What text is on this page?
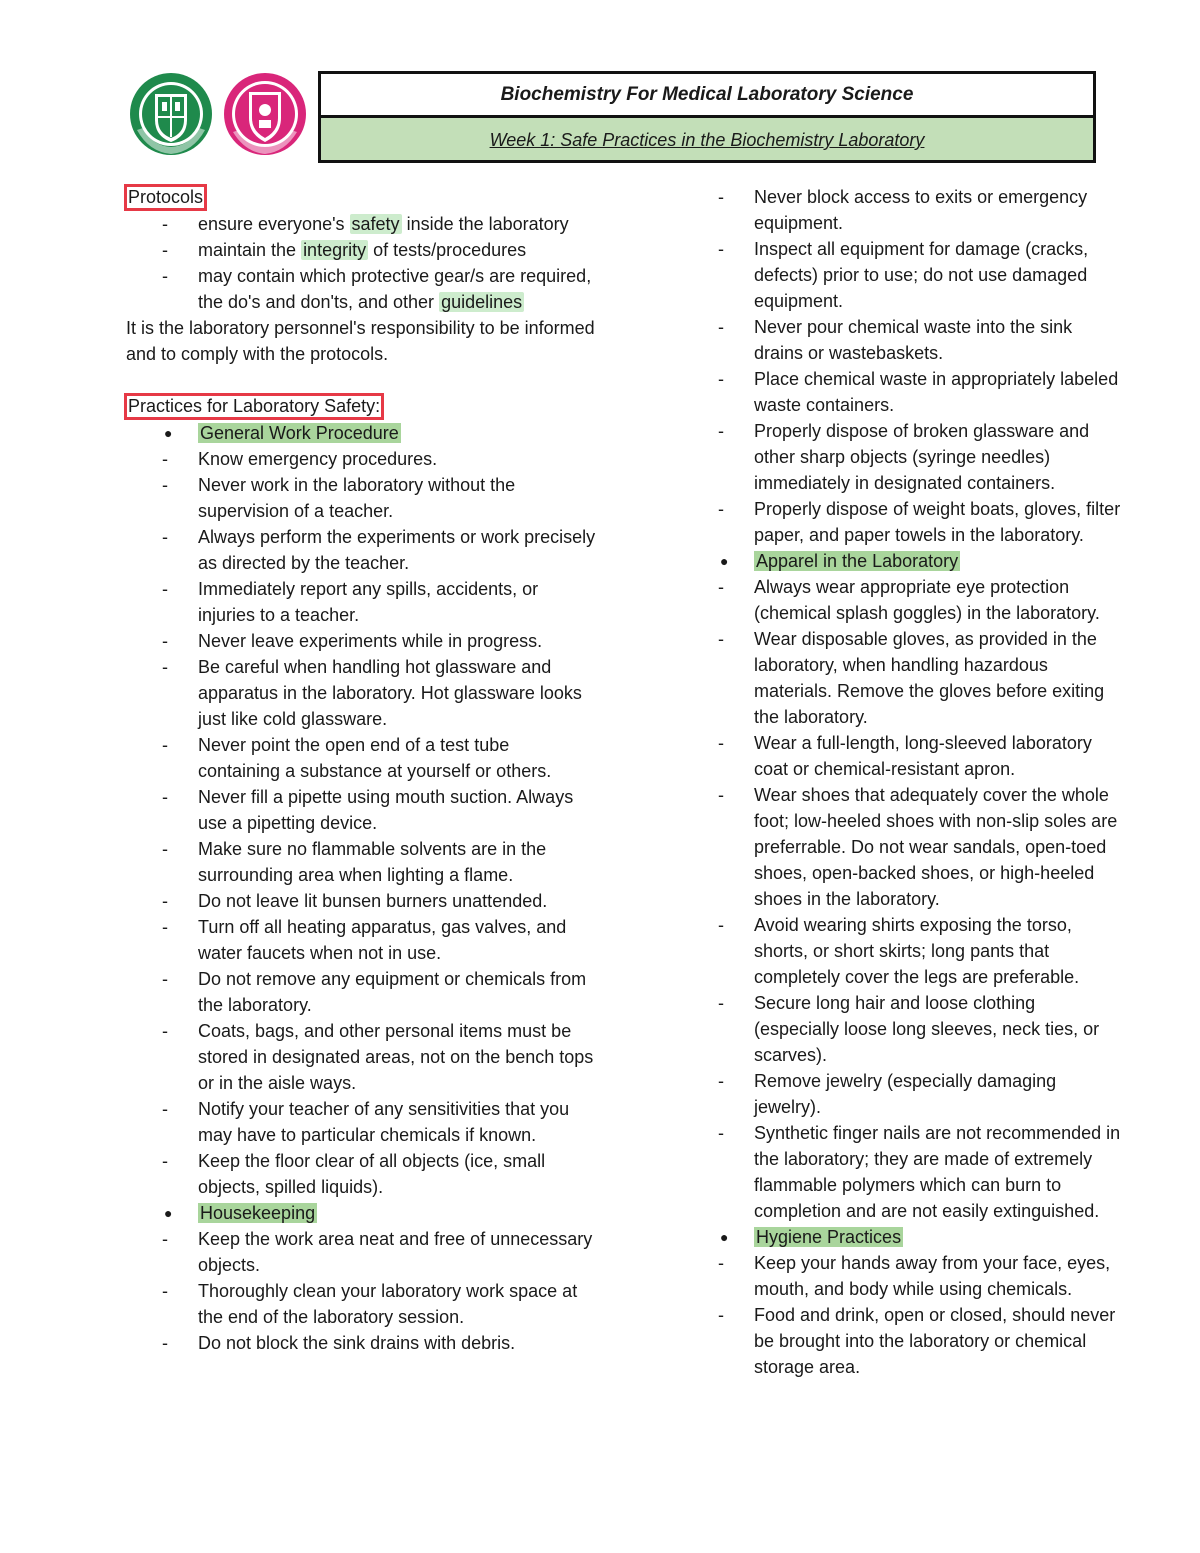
Biochemistry For Medical Laboratory Science
Week 1: Safe Practices in the Biochemistry Laboratory
Protocols
-	ensure everyone's safety inside the laboratory
-	maintain the integrity of tests/procedures
-	may contain which protective gear/s are required, the do's and don'ts, and other guidelines
It is the laboratory personnel's responsibility to be informed and to comply with the protocols.
Practices for Laboratory Safety:
●	General Work Procedure
-	Know emergency procedures.
-	Never work in the laboratory without the supervision of a teacher.
-	Always perform the experiments or work precisely as directed by the teacher.
-	Immediately report any spills, accidents, or injuries to a teacher.
-	Never leave experiments while in progress.
-	Be careful when handling hot glassware and apparatus in the laboratory. Hot glassware looks just like cold glassware.
-	Never point the open end of a test tube containing a substance at yourself or others.
-	Never fill a pipette using mouth suction. Always use a pipetting device.
-	Make sure no flammable solvents are in the surrounding area when lighting a flame.
-	Do not leave lit bunsen burners unattended.
-	Turn off all heating apparatus, gas valves, and water faucets when not in use.
-	Do not remove any equipment or chemicals from the laboratory.
-	Coats, bags, and other personal items must be stored in designated areas, not on the bench tops or in the aisle ways.
-	Notify your teacher of any sensitivities that you may have to particular chemicals if known.
-	Keep the floor clear of all objects (ice, small objects, spilled liquids).
●	Housekeeping
-	Keep the work area neat and free of unnecessary objects.
-	Thoroughly clean your laboratory work space at the end of the laboratory session.
-	Do not block the sink drains with debris.
-	Never block access to exits or emergency equipment.
-	Inspect all equipment for damage (cracks, defects) prior to use; do not use damaged equipment.
-	Never pour chemical waste into the sink drains or wastebaskets.
-	Place chemical waste in appropriately labeled waste containers.
-	Properly dispose of broken glassware and other sharp objects (syringe needles) immediately in designated containers.
-	Properly dispose of weight boats, gloves, filter paper, and paper towels in the laboratory.
●	Apparel in the Laboratory
-	Always wear appropriate eye protection (chemical splash goggles) in the laboratory.
-	Wear disposable gloves, as provided in the laboratory, when handling hazardous materials. Remove the gloves before exiting the laboratory.
-	Wear a full-length, long-sleeved laboratory coat or chemical-resistant apron.
-	Wear shoes that adequately cover the whole foot; low-heeled shoes with non-slip soles are preferrable. Do not wear sandals, open-toed shoes, open-backed shoes, or high-heeled shoes in the laboratory.
-	Avoid wearing shirts exposing the torso, shorts, or short skirts; long pants that completely cover the legs are preferable.
-	Secure long hair and loose clothing (especially loose long sleeves, neck ties, or scarves).
-	Remove jewelry (especially damaging jewelry).
-	Synthetic finger nails are not recommended in the laboratory; they are made of extremely flammable polymers which can burn to completion and are not easily extinguished.
●	Hygiene Practices
-	Keep your hands away from your face, eyes, mouth, and body while using chemicals.
-	Food and drink, open or closed, should never be brought into the laboratory or chemical storage area.
